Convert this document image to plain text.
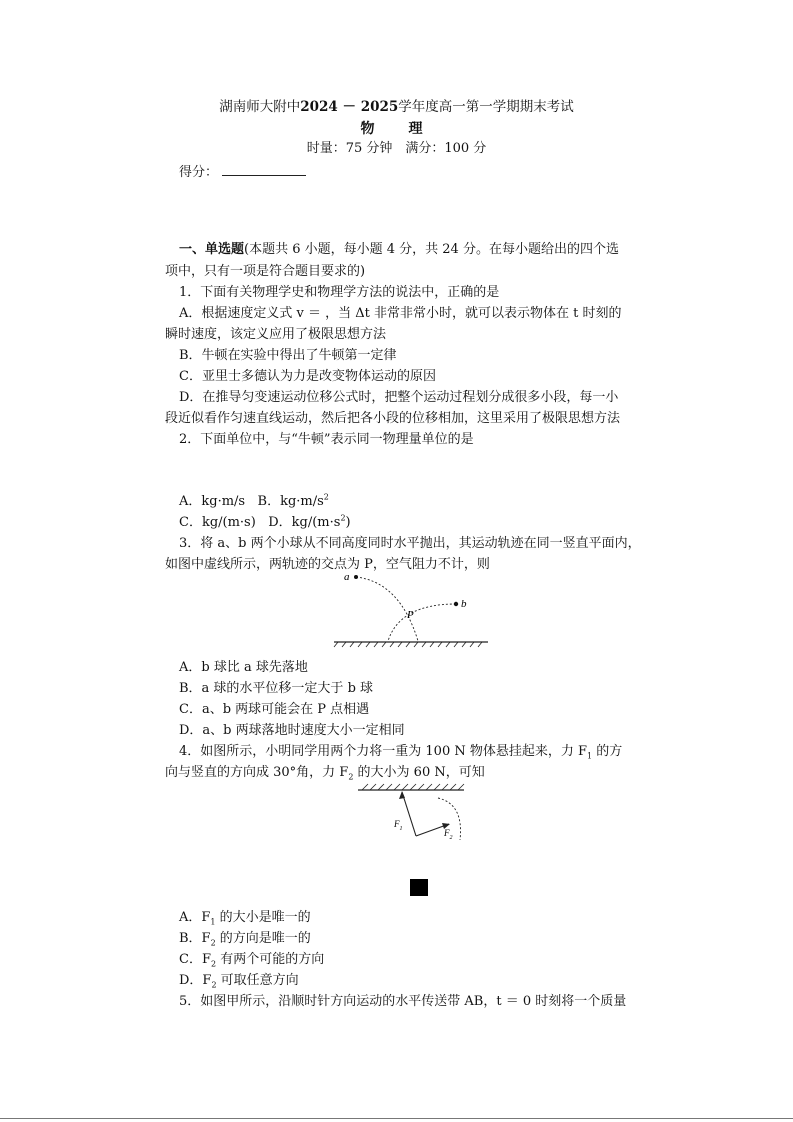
湖南师大附中2024 － 2025学年度高一第一学期期末考试
物　理
时量：75 分钟　满分：100 分
得分：
一、单选题(本题共 6 小题，每小题 4 分，共 24 分。在每小题给出的四个选
项中，只有一项是符合题目要求的)
1．下面有关物理学史和物理学方法的说法中，正确的是
A．根据速度定义式 v ＝ ，当 Δt 非常非常小时，就可以表示物体在 t 时刻的
瞬时速度，该定义应用了极限思想方法
B．牛顿在实验中得出了牛顿第一定律
C．亚里士多德认为力是改变物体运动的原因
D．在推导匀变速运动位移公式时，把整个运动过程划分成很多小段，每一小
段近似看作匀速直线运动，然后把各小段的位移相加，这里采用了极限思想方法
2．下面单位中，与“牛顿”表示同一物理量单位的是
A．kg·m/s B．$kg\cdot m/s^2$
C．kg/(m·s) D．$kg/(m\cdot s^2)$
3．将 a、b 两个小球从不同高度同时水平抛出，其运动轨迹在同一竖直平面内，
如图中虚线所示，两轨迹的交点为 P，空气阻力不计，则
a
b
P
A．b 球比 a 球先落地
B．a 球的水平位移一定大于 b 球
C．a、b 两球可能会在 P 点相遇
D．a、b 两球落地时速度大小一定相同
4．如图所示，小明同学用两个力将一重为 100 N 物体悬挂起来，力 $F_1$ 的方
向与竖直的方向成 30°角，力 $F_2$ 的大小为 60 N，可知
$F_1$	$F_2$
A．$F_1$ 的大小是唯一的
B．$F_2$ 的方向是唯一的
C．$F_2$ 有两个可能的方向
D．$F_2$ 可取任意方向
5．如图甲所示，沿顺时针方向运动的水平传送带 AB，t ＝ 0 时刻将一个质量
